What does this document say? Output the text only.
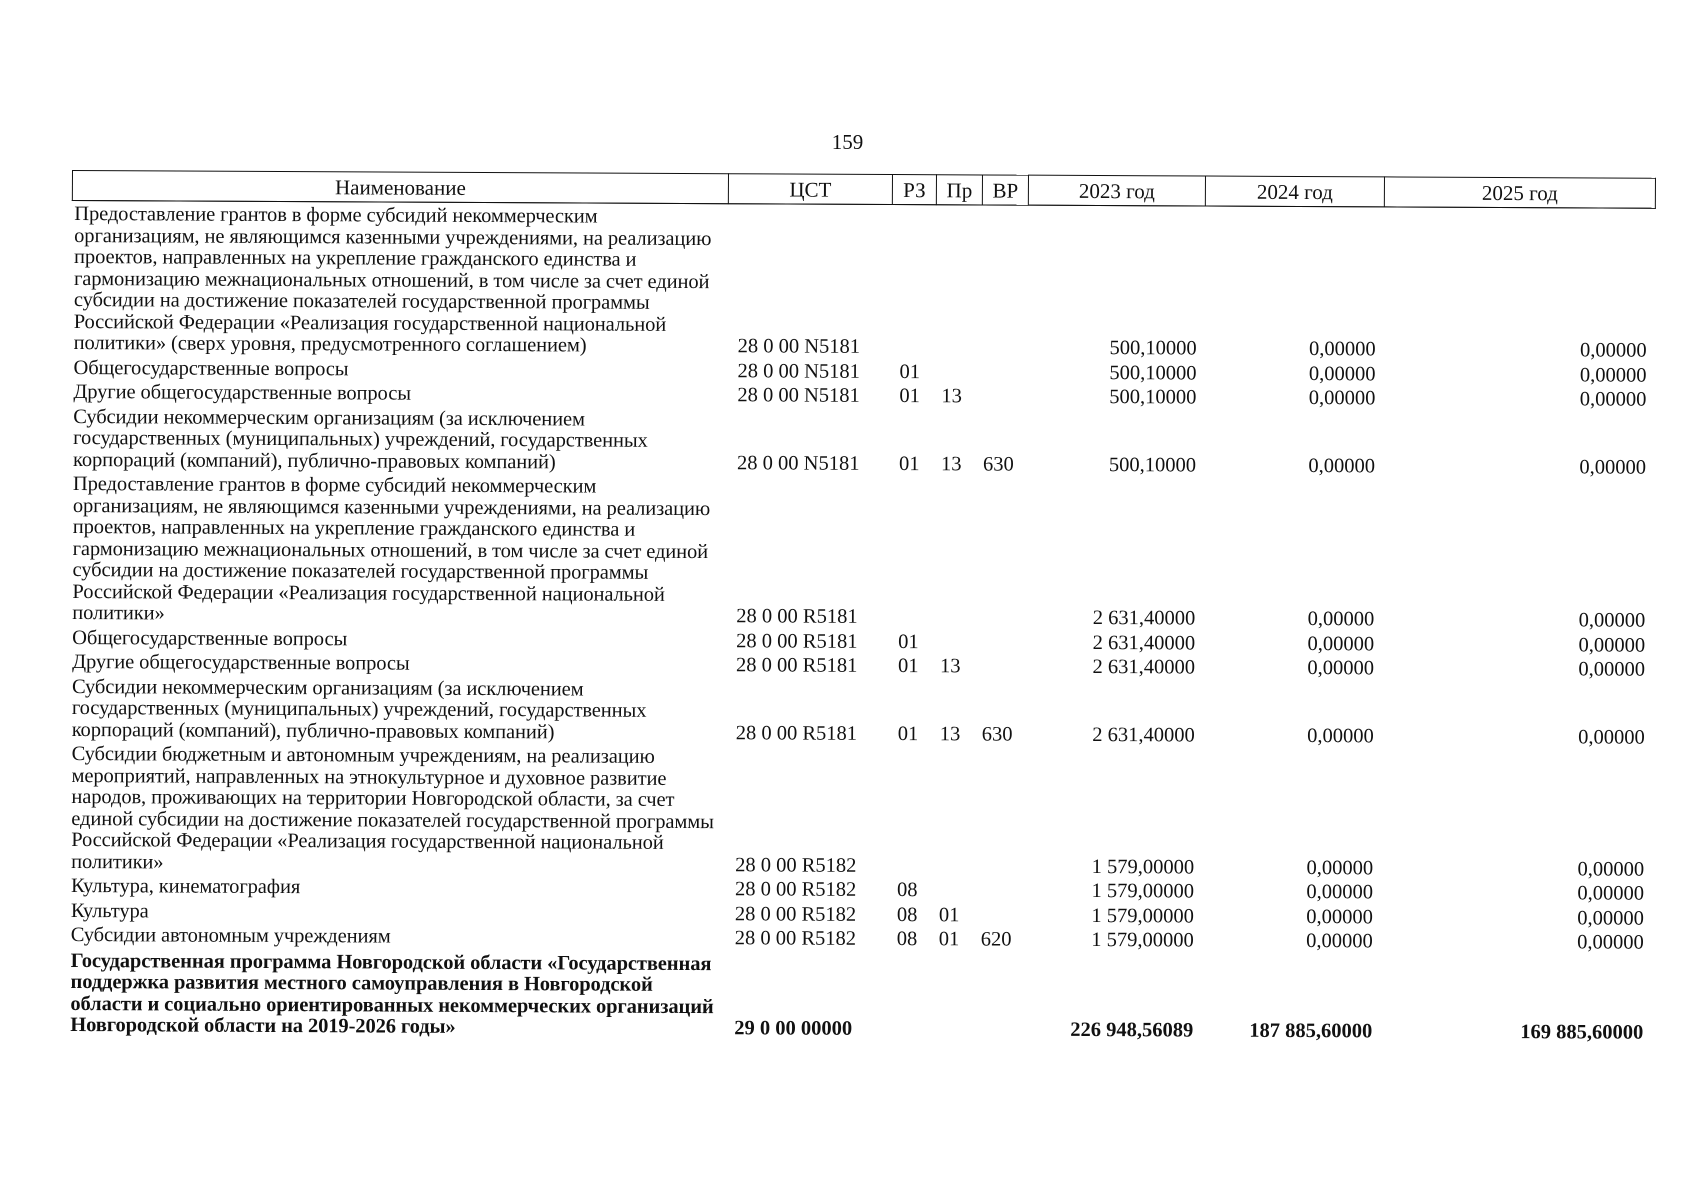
159
Наименование	ЦСТ	РЗ	Пр	ВР	2023 год	2024 год	2025 год
Предоставление грантов в форме субсидий некоммерческим организациям, не являющимся казенными учреждениями, на реализацию проектов, направленных на укрепление гражданского единства и гармонизацию межнациональных отношений, в том числе за счет единой субсидии на достижение показателей государственной программы Российской Федерации «Реализация государственной национальной политики» (сверх уровня, предусмотренного соглашением)	28 0 00 N5181				500,10000	0,00000	0,00000
Общегосударственные вопросы	28 0 00 N5181	01			500,10000	0,00000	0,00000
Другие общегосударственные вопросы	28 0 00 N5181	01	13		500,10000	0,00000	0,00000
Субсидии некоммерческим организациям (за исключением государственных (муниципальных) учреждений, государственных корпораций (компаний), публично-правовых компаний)	28 0 00 N5181	01	13	630	500,10000	0,00000	0,00000
Предоставление грантов в форме субсидий некоммерческим организациям, не являющимся казенными учреждениями, на реализацию проектов, направленных на укрепление гражданского единства и гармонизацию межнациональных отношений, в том числе за счет единой субсидии на достижение показателей государственной программы Российской Федерации «Реализация государственной национальной политики»	28 0 00 R5181				2 631,40000	0,00000	0,00000
Общегосударственные вопросы	28 0 00 R5181	01			2 631,40000	0,00000	0,00000
Другие общегосударственные вопросы	28 0 00 R5181	01	13		2 631,40000	0,00000	0,00000
Субсидии некоммерческим организациям (за исключением государственных (муниципальных) учреждений, государственных корпораций (компаний), публично-правовых компаний)	28 0 00 R5181	01	13	630	2 631,40000	0,00000	0,00000
Субсидии бюджетным и автономным учреждениям, на реализацию мероприятий, направленных на этнокультурное и духовное развитие народов, проживающих на территории Новгородской области, за счет единой субсидии на достижение показателей государственной программы Российской Федерации «Реализация государственной национальной политики»	28 0 00 R5182				1 579,00000	0,00000	0,00000
Культура, кинематография	28 0 00 R5182	08			1 579,00000	0,00000	0,00000
Культура	28 0 00 R5182	08	01		1 579,00000	0,00000	0,00000
Субсидии автономным учреждениям	28 0 00 R5182	08	01	620	1 579,00000	0,00000	0,00000
Государственная программа Новгородской области «Государственная поддержка развития местного самоуправления в Новгородской области и социально ориентированных некоммерческих организаций Новгородской области на 2019-2026 годы»	29 0 00 00000				226 948,56089	187 885,60000	169 885,60000
